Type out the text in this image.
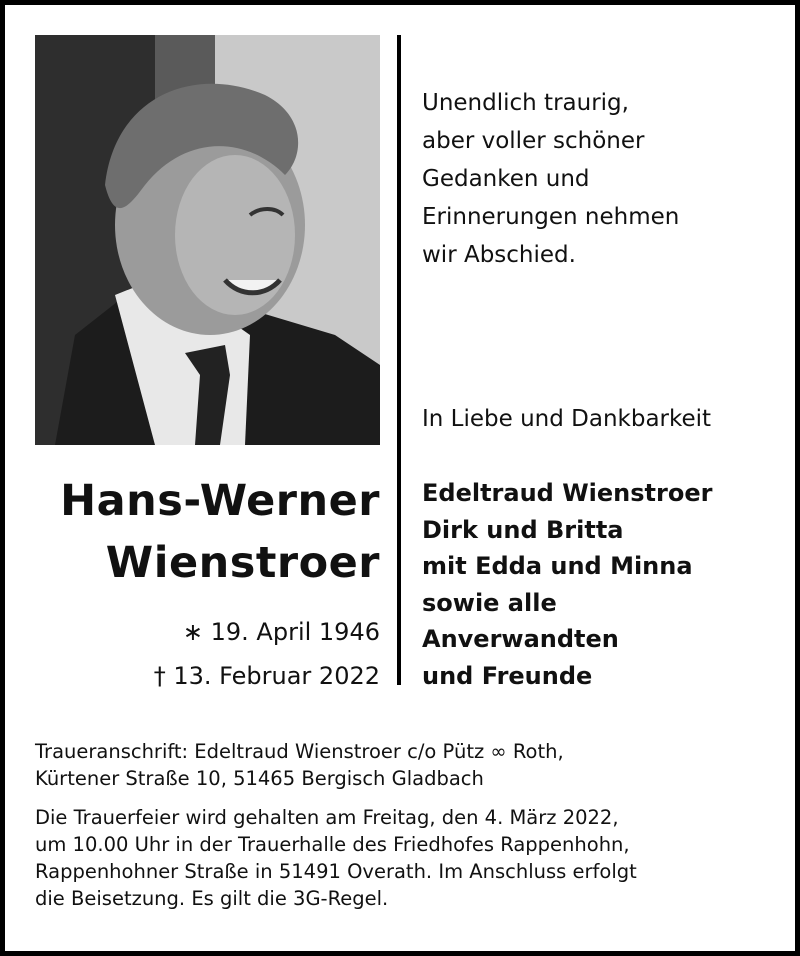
Unendlich traurig,
aber voller schöner
Gedanken und
Erinnerungen nehmen
wir Abschied.
In Liebe und Dankbarkeit
Edeltraud Wienstroer
Dirk und Britta
mit Edda und Minna
sowie alle
Anverwandten
und Freunde
Hans-Werner
Wienstroer
∗ 19. April 1946
† 13. Februar 2022
Traueranschrift: Edeltraud Wienstroer c/o Pütz ∞ Roth,
Kürtener Straße 10, 51465 Bergisch Gladbach
Die Trauerfeier wird gehalten am Freitag, den 4. März 2022,
um 10.00 Uhr in der Trauerhalle des Friedhofes Rappenhohn,
Rappenhohner Straße in 51491 Overath. Im Anschluss erfolgt
die Beisetzung. Es gilt die 3G-Regel.
